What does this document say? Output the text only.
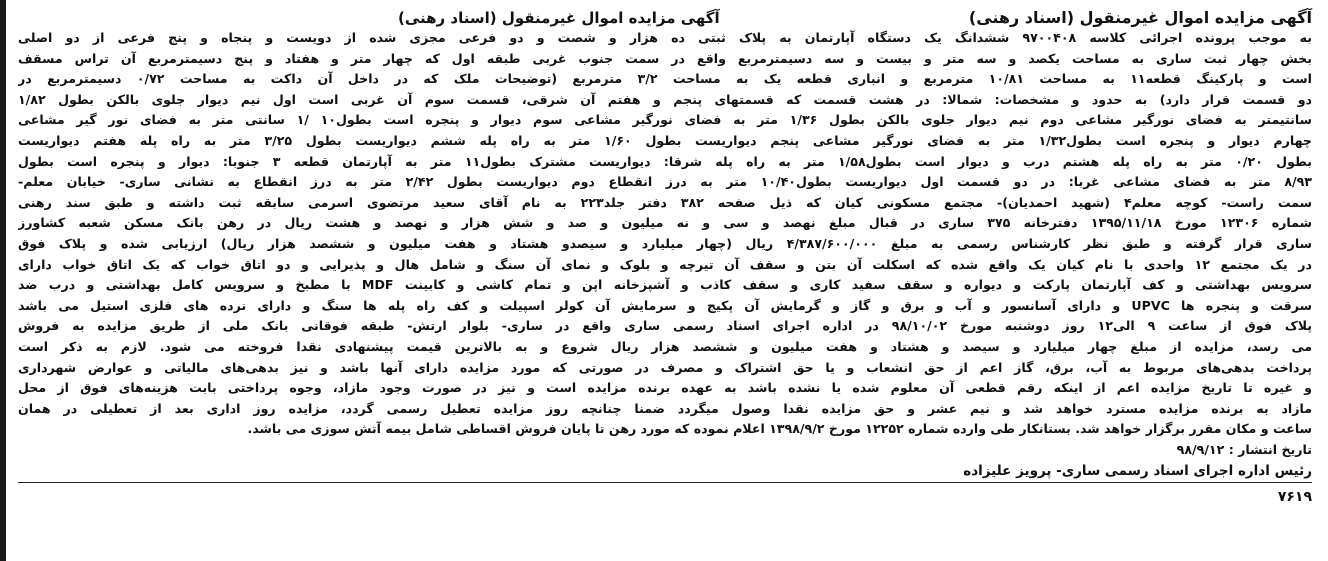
آگهی مزایده اموال غیرمنقول (اسناد رهنی)
آگهی مزایده اموال غیرمنقول (اسناد رهنی)
به موجب پرونده اجرائی کلاسه ۹۷۰۰۴۰۸ ششدانگ یک دستگاه آپارتمان به پلاک ثبتی ده هزار و شصت و دو فرعی مجزی شده از دویست و پنجاه و پنج فرعی از دو اصلی
بخش چهار ثبت ساری به مساحت یکصد و سه متر و بیست و سه دسیمترمربع واقع در سمت جنوب غربی طبقه اول که چهار متر و هفتاد و پنج دسیمترمربع آن تراس مسقف
است و پارکینگ قطعه۱۱ به مساحت ۱۰/۸۱ مترمربع و انباری قطعه یک به مساحت ۳/۲ مترمربع (توضیحات ملک که در داخل آن داکت به مساحت ۰/۷۲ دسیمترمربع در
دو قسمت قرار دارد) به حدود و مشخصات: شمالا: در هشت قسمت که قسمتهای پنجم و هفتم آن شرقی، قسمت سوم آن غربی است اول نیم دیوار جلوی بالکن بطول ۱/۸۲
سانتیمتر به فضای نورگیر مشاعی دوم نیم دیوار جلوی بالکن بطول ۱/۳۶ متر به فضای نورگیر مشاعی سوم دیوار و پنجره است بطول۱۰ /۱ سانتی متر به فضای نور گیر مشاعی
چهارم دیوار و پنجره است بطول۱/۳۲ متر به فضای نورگیر مشاعی پنجم دیواریست بطول ۱/۶۰ متر به راه پله ششم دیواریست بطول ۳/۲۵ متر به راه پله هفتم دیواریست
بطول ۰/۲۰ متر به راه پله هشتم درب و دیوار است بطول۱/۵۸ متر به راه پله شرقا: دیواریست مشترک بطول۱۱ متر به آپارتمان قطعه ۳ جنوبا: دیوار و پنجره است بطول
۸/۹۳ متر به فضای مشاعی غربا: در دو قسمت اول دیواریست بطول۱۰/۴۰ متر به درز انقطاع دوم دیواریست بطول ۲/۴۲ متر به درز انقطاع به نشانی ساری- خیابان معلم-
سمت راست- کوچه معلم۴ (شهید احمدیان)- مجتمع مسکونی کیان که ذیل صفحه ۳۸۲ دفتر جلد۲۲۳ به نام آقای سعید مرتضوی اسرمی سابقه ثبت داشته و طبق سند رهنی
شماره ۱۲۳۰۶ مورخ ۱۳۹۵/۱۱/۱۸ دفترخانه ۳۷۵ ساری در قبال مبلغ نهصد و سی و نه میلیون و صد و شش هزار و نهصد و هشت ریال در رهن بانک مسکن شعبه کشاورز
ساری قرار گرفته و طبق نظر کارشناس رسمی به مبلغ ۴/۳۸۷/۶۰۰/۰۰۰ ریال (چهار میلیارد و سیصدو هشتاد و هفت میلیون و ششصد هزار ریال) ارزیابی شده و پلاک فوق
در یک مجتمع ۱۲ واحدی با نام کیان یک واقع شده که اسکلت آن بتن و سقف آن تیرچه و بلوک و نمای آن سنگ و شامل هال و پذیرایی و دو اتاق خواب که یک اتاق خواب دارای
سرویس بهداشتی و کف آپارتمان پارکت و دیواره و سقف سفید کاری و سقف کاذب و آشپزخانه اپن و تمام کاشی و کابینت MDF با مطبخ و سرویس کامل بهداشتی و درب ضد
سرقت و پنجره ها UPVC و دارای آسانسور و آب و برق و گاز و گرمایش آن پکیج و سرمایش آن کولر اسپیلت و کف راه پله ها سنگ و دارای نرده های فلزی استیل می باشد
پلاک فوق از ساعت ۹ الی۱۲ روز دوشنبه مورخ ۹۸/۱۰/۰۲ در اداره اجرای اسناد رسمی ساری واقع در ساری- بلوار ارتش- طبقه فوقانی بانک ملی از طریق مزایده به فروش
می رسد، مزایده از مبلغ چهار میلیارد و سیصد و هشتاد و هفت میلیون و ششصد هزار ریال شروع و به بالاترین قیمت پیشنهادی نقدا فروخته می شود. لازم به ذکر است
پرداخت بدهی‌های مربوط به آب، برق، گاز اعم از حق انشعاب و یا حق اشتراک و مصرف در صورتی که مورد مزایده دارای آنها باشد و نیز بدهی‌های مالیاتی و عوارض شهرداری
و غیره تا تاریخ مزایده اعم از اینکه رقم قطعی آن معلوم شده یا نشده باشد به عهده برنده مزایده است و نیز در صورت وجود مازاد، وجوه پرداختی بابت هزینه‌های فوق از محل
مازاد به برنده مزایده مسترد خواهد شد و نیم عشر و حق مزایده نقدا وصول میگردد ضمنا چنانچه روز مزایده تعطیل رسمی گردد، مزایده روز اداری بعد از تعطیلی در همان
ساعت و مکان مقرر برگزار خواهد شد. بستانکار طی وارده شماره ۱۲۲۵۲ مورخ ۱۳۹۸/۹/۲ اعلام نموده که مورد رهن تا پایان فروش اقساطی شامل بیمه آتش سوزی می باشد.
تاریخ انتشار : ۹۸/۹/۱۲
رئیس اداره اجرای اسناد رسمی ساری- پرویز علیزاده
۷۶۱۹
